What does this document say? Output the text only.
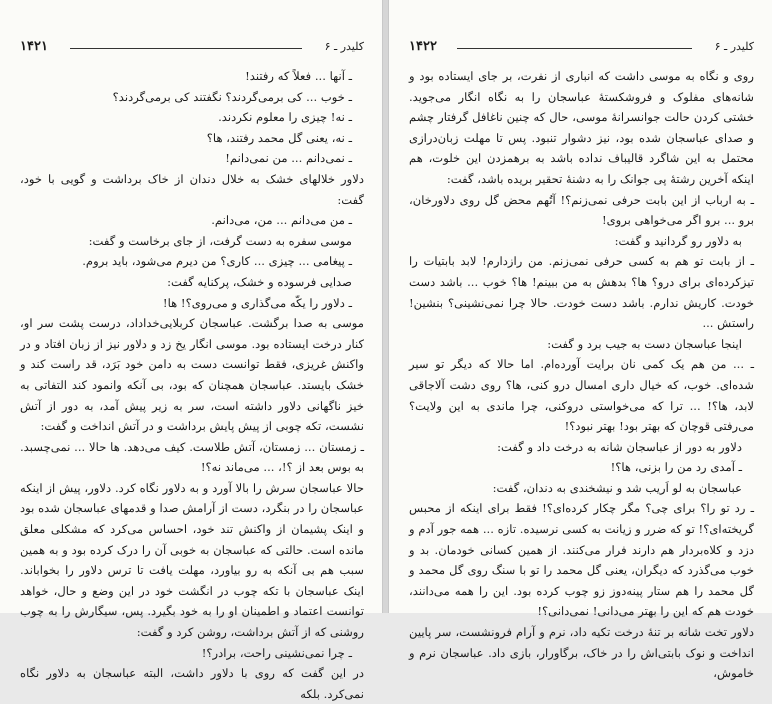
کلیدر ـ ۶
۱۴۲۱

ـ آنها ... فعلاً که رفتند!

ـ خوب ... کی برمی‌گردند؟ نگفتند کی برمی‌گردند؟

ـ نه! چیزی را معلوم نکردند.

ـ نه، یعنی گل محمد رفتند، ها؟

ـ نمی‌دانم ... من نمی‌دانم!

دلاور خلالهای خشک به خلال دندان از خاک برداشت و گویی با خود، گفت:

ـ من می‌دانم ... من، می‌دانم.

موسی سفره به دست گرفت، از جای برخاست و گفت:

ـ پیغامی ... چیزی ... کاری؟ من دیرم می‌شود، باید بروم.

صدایی فرسوده و خشک، پرکنایه گفت:

ـ دلاور را یکّه می‌گذاری و می‌روی؟! ها!

موسی به صدا برگشت. عباسجان کربلایی‌خداداد، درست پشت سر او، کنار درخت ایستاده بود. موسی انگار یخ زد و دلاور نیز از زبان افتاد و در واکنش غریزی، فقط توانست دست به دامن خود بَرَد، قد راست کند و خشک بایستد. عباسجان همچنان که بود، بی آنکه وانمود کند التفاتی به خیز ناگهانی دلاور داشته است، سر به زیر پیش آمد، به دور از آتش نشست، تکه چوبی از پیش پایش برداشت و در آتش انداخت و گفت:

ـ زمستان ... زمستان، آتش طلاست. کیف می‌دهد. ها حالا ... نمی‌چسبد. به بوس بعد از ؟!، ... می‌ماند نه؟!

حالا عباسجان سرش را بالا آورد و به دلاور نگاه کرد. دلاور، پیش از اینکه عباسجان را در بنگرد، دست از آرامش صدا و قدمهای عباسجان شده بود و اینک پشیمان از واکنش تند خود، احساس می‌کرد که مشکلی معلق مانده است. حالتی که عباسجان به خوبی آن را درک کرده بود و به همین سبب هم بی آنکه به رو بیاورد، مهلت یافت تا ترس دلاور را بخواباند. اینک عباسجان با تکه چوب در انگشت خود در این وضع و حال، خواهد توانست اعتماد و اطمینان او را به خود بگیرد. پس، سیگارش را به چوب روشنی که از آتش برداشت، روشن کرد و گفت:

ـ چرا نمی‌نشینی راحت، برادر؟!

در این گفت که روی با دلاور داشت، البته عباسجان به دلاور نگاه نمی‌کرد. بلکه

کلیدر ـ ۶
۱۴۲۲

روی و نگاه به موسی داشت که انباری از نفرت، بر جای ایستاده بود و شانه‌های مفلوک و فروشکستهٔ عباسجان را به نگاه انگار می‌جوید. خشتی کردن حالت جوانسرانهٔ موسی، حال که چنین ناغافل گرفتار چشم و صدای عباسجان شده بود، نیز دشوار تنبود. پس تا مهلت زبان‌درازی محتمل به این شاگرد قالیباف نداده باشد به برهمزدن این خلوت، هم اینکه آخرین رشتهٔ پی جوانک را به دشنهٔ تحقیر بریده باشد، گفت:

ـ به ارباب از این بابت حرفی نمی‌زنم؟! آتُهم محض گل روی دلاورخان، برو ... برو اگر می‌خواهی بروی!

به دلاور رو گردانید و گفت:

ـ از بابت تو هم به کسی حرفی نمی‌زنم. من رازدارم! لابد بابتیات را تیزکرده‌ای برای درو؟ ها؟ بدهش به من ببینم! ها؟ خوب ... باشد دست خودت. کاریش ندارم. باشد دست خودت. حالا چرا نمی‌نشینی؟ بنشین! راستش ...

اینجا عباسجان دست به جیب برد و گفت:

ـ ... من هم یک کمی نان برایت آورده‌ام. اما حالا که دیگر تو سیر شده‌ای. خوب، که خیال داری امسال درو کنی، ها؟ روی دشت آلاجاقی لابد، ها؟! ... ترا که می‌خواستی دروکنی، چرا ماندی به این ولایت؟ می‌رفتی قوچان که بهتر بود! بهتر نبود؟!

دلاور به دور از عباسجان شانه به درخت داد و گفت:

ـ آمدی رد من را بزنی، ها؟!

عباسجان به لو اَریب شد و نیشخندی به دندان، گفت:

ـ رد تو را؟ برای چی؟ مگر چکار کرده‌ای؟! فقط برای اینکه از محبس گریخته‌ای؟! تو که ضرر و زیانت به کسی نرسیده. تازه ... همه جور آدم و دزد و کلاه‌بردار هم دارند فرار می‌کنند. از همین کسانی خودمان. بد و خوب می‌گذرد که دیگران، یعنی گل محمد را تو با سنگ روی گل محمد و گل محمد را هم ستار پینه‌دوز زو چوب کرده بود. این را همه می‌دانند، خودت هم که این را بهتر می‌دانی! نمی‌دانی؟!

دلاور تخت شانه بر تنهٔ درخت تکیه داد، نرم و آرام فرونشست، سر پایین انداخت و نوک بابتی‌اش را در خاک، برگاورار، بازی داد. عباسجان نرم و خاموش،
